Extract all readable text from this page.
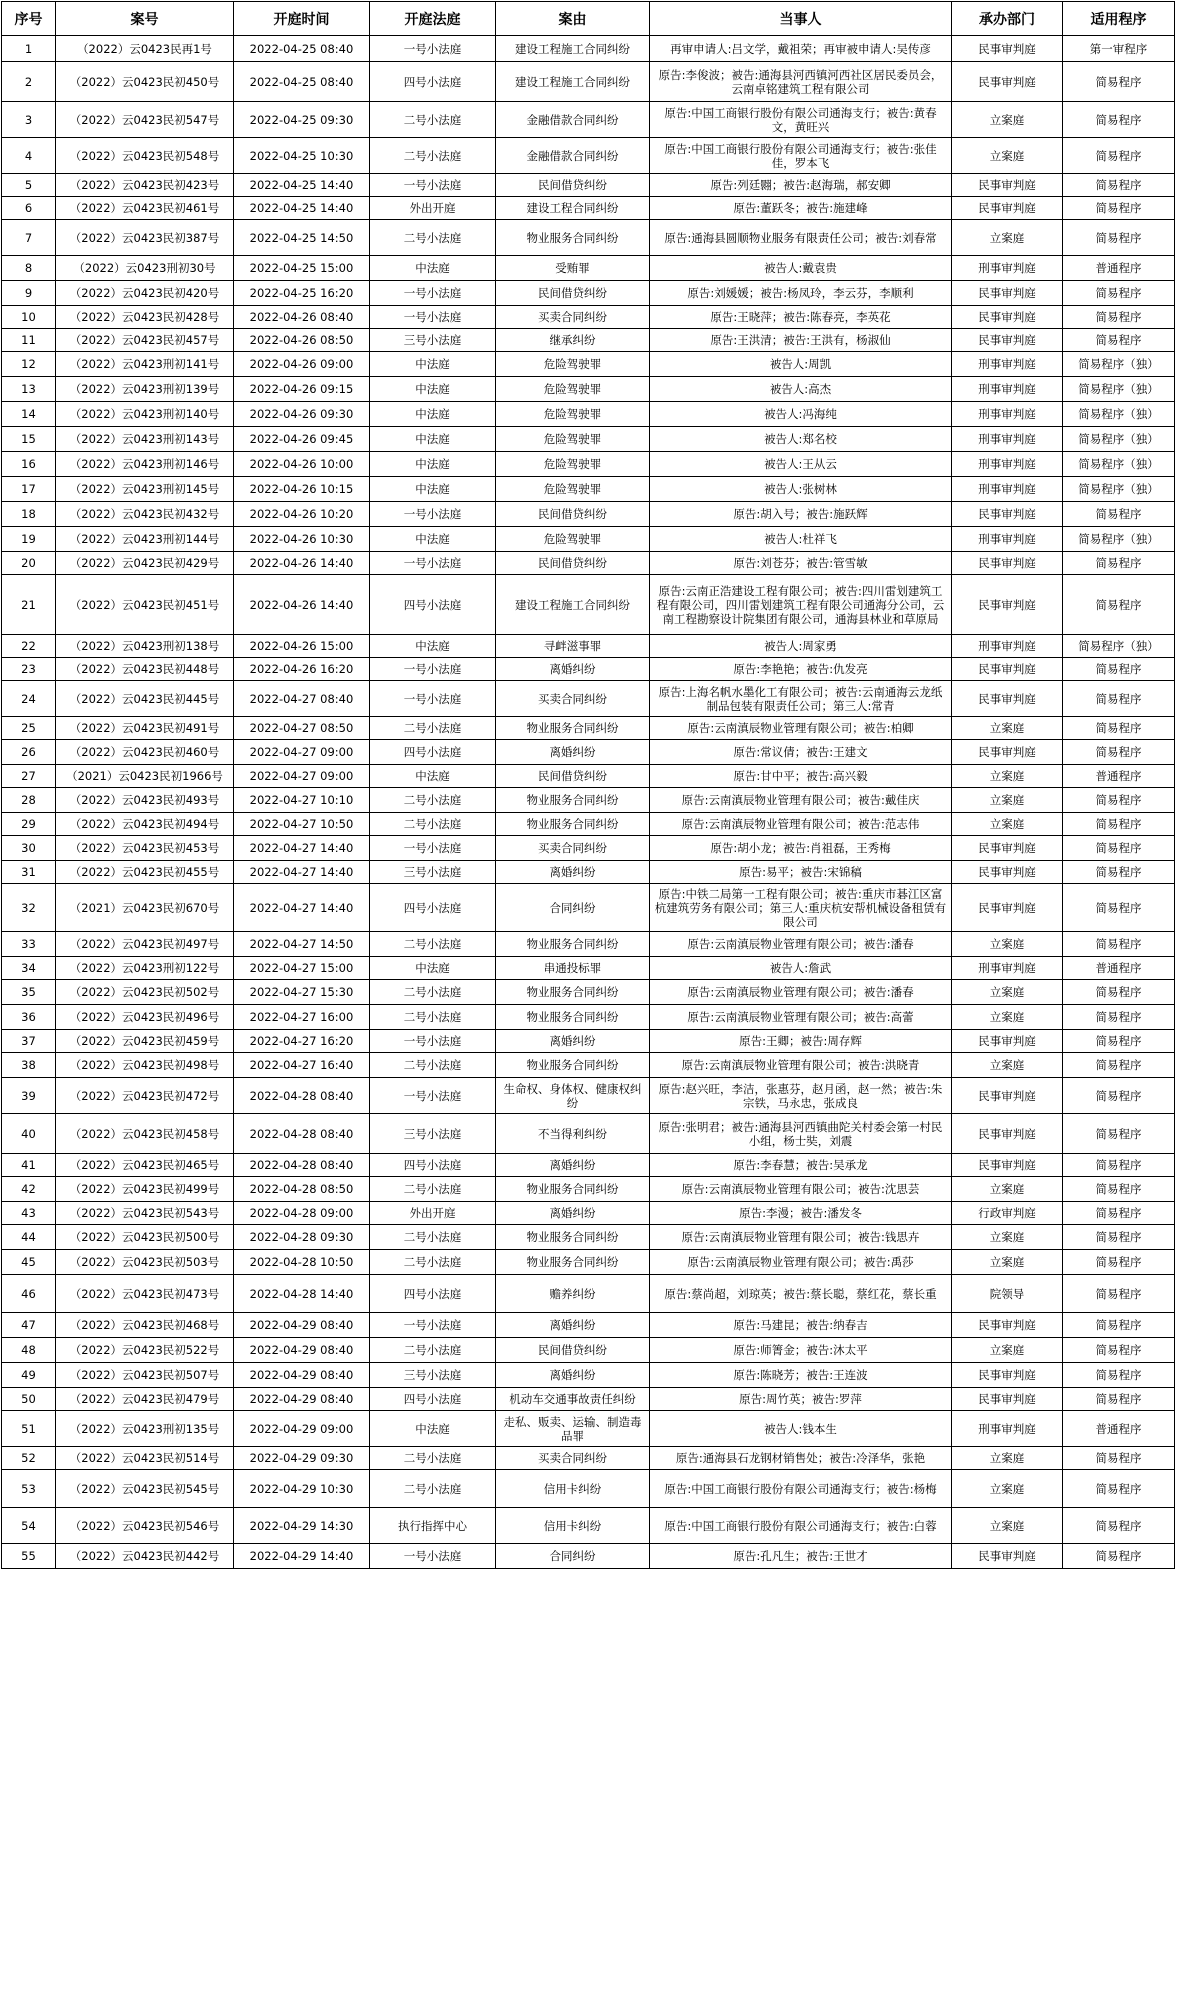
序号	案号	开庭时间	开庭法庭	案由	当事人	承办部门	适用程序
1	（2022）云0423民再1号	2022-04-25 08:40	一号小法庭	建设工程施工合同纠纷	再审申请人:吕文学，戴祖荣；再审被申请人:吴传彦	民事审判庭	第一审程序
2	（2022）云0423民初450号	2022-04-25 08:40	四号小法庭	建设工程施工合同纠纷	原告:李俊波；被告:通海县河西镇河西社区居民委员会，云南卓铭建筑工程有限公司	民事审判庭	简易程序
3	（2022）云0423民初547号	2022-04-25 09:30	二号小法庭	金融借款合同纠纷	原告:中国工商银行股份有限公司通海支行；被告:黄春文，黄旺兴	立案庭	简易程序
4	（2022）云0423民初548号	2022-04-25 10:30	二号小法庭	金融借款合同纠纷	原告:中国工商银行股份有限公司通海支行；被告:张佳佳，罗本飞	立案庭	简易程序
5	（2022）云0423民初423号	2022-04-25 14:40	一号小法庭	民间借贷纠纷	原告:列廷翾；被告:赵海瑞，郝安卿	民事审判庭	简易程序
6	（2022）云0423民初461号	2022-04-25 14:40	外出开庭	建设工程合同纠纷	原告:董跃冬；被告:施建峰	民事审判庭	简易程序
7	（2022）云0423民初387号	2022-04-25 14:50	二号小法庭	物业服务合同纠纷	原告:通海县圆顺物业服务有限责任公司；被告:刘春常	立案庭	简易程序
8	（2022）云0423刑初30号	2022-04-25 15:00	中法庭	受贿罪	被告人:戴袁贵	刑事审判庭	普通程序
9	（2022）云0423民初420号	2022-04-25 16:20	一号小法庭	民间借贷纠纷	原告:刘媛媛；被告:杨凤玲，李云芬，李顺利	民事审判庭	简易程序
10	（2022）云0423民初428号	2022-04-26 08:40	一号小法庭	买卖合同纠纷	原告:王晓萍；被告:陈春亮，李英花	民事审判庭	简易程序
11	（2022）云0423民初457号	2022-04-26 08:50	三号小法庭	继承纠纷	原告:王洪清；被告:王洪有，杨淑仙	民事审判庭	简易程序
12	（2022）云0423刑初141号	2022-04-26 09:00	中法庭	危险驾驶罪	被告人:周凯	刑事审判庭	简易程序（独）
13	（2022）云0423刑初139号	2022-04-26 09:15	中法庭	危险驾驶罪	被告人:高杰	刑事审判庭	简易程序（独）
14	（2022）云0423刑初140号	2022-04-26 09:30	中法庭	危险驾驶罪	被告人:冯海纯	刑事审判庭	简易程序（独）
15	（2022）云0423刑初143号	2022-04-26 09:45	中法庭	危险驾驶罪	被告人:郑名校	刑事审判庭	简易程序（独）
16	（2022）云0423刑初146号	2022-04-26 10:00	中法庭	危险驾驶罪	被告人:王从云	刑事审判庭	简易程序（独）
17	（2022）云0423刑初145号	2022-04-26 10:15	中法庭	危险驾驶罪	被告人:张树林	刑事审判庭	简易程序（独）
18	（2022）云0423民初432号	2022-04-26 10:20	一号小法庭	民间借贷纠纷	原告:胡入号；被告:施跃辉	民事审判庭	简易程序
19	（2022）云0423刑初144号	2022-04-26 10:30	中法庭	危险驾驶罪	被告人:杜祥飞	刑事审判庭	简易程序（独）
20	（2022）云0423民初429号	2022-04-26 14:40	一号小法庭	民间借贷纠纷	原告:刘苍芬；被告:管雪敏	民事审判庭	简易程序
21	（2022）云0423民初451号	2022-04-26 14:40	四号小法庭	建设工程施工合同纠纷	原告:云南正浩建设工程有限公司；被告:四川雷划建筑工程有限公司，四川雷划建筑工程有限公司通海分公司，云南工程勘察设计院集团有限公司，通海县林业和草原局	民事审判庭	简易程序
22	（2022）云0423刑初138号	2022-04-26 15:00	中法庭	寻衅滋事罪	被告人:周家勇	刑事审判庭	简易程序（独）
23	（2022）云0423民初448号	2022-04-26 16:20	一号小法庭	离婚纠纷	原告:李艳艳；被告:仇发亮	民事审判庭	简易程序
24	（2022）云0423民初445号	2022-04-27 08:40	一号小法庭	买卖合同纠纷	原告:上海名帆水墨化工有限公司；被告:云南通海云龙纸制品包装有限责任公司；第三人:常青	民事审判庭	简易程序
25	（2022）云0423民初491号	2022-04-27 08:50	二号小法庭	物业服务合同纠纷	原告:云南滇辰物业管理有限公司；被告:柏卿	立案庭	简易程序
26	（2022）云0423民初460号	2022-04-27 09:00	四号小法庭	离婚纠纷	原告:常议倩；被告:王建文	民事审判庭	简易程序
27	（2021）云0423民初1966号	2022-04-27 09:00	中法庭	民间借贷纠纷	原告:甘中平；被告:高兴毅	立案庭	普通程序
28	（2022）云0423民初493号	2022-04-27 10:10	二号小法庭	物业服务合同纠纷	原告:云南滇辰物业管理有限公司；被告:戴佳庆	立案庭	简易程序
29	（2022）云0423民初494号	2022-04-27 10:50	二号小法庭	物业服务合同纠纷	原告:云南滇辰物业管理有限公司；被告:范志伟	立案庭	简易程序
30	（2022）云0423民初453号	2022-04-27 14:40	一号小法庭	买卖合同纠纷	原告:胡小龙；被告:肖祖磊，王秀梅	民事审判庭	简易程序
31	（2022）云0423民初455号	2022-04-27 14:40	三号小法庭	离婚纠纷	原告:易平；被告:宋锦稿	民事审判庭	简易程序
32	（2021）云0423民初670号	2022-04-27 14:40	四号小法庭	合同纠纷	原告:中铁二局第一工程有限公司；被告:重庆市碁江区富杭建筑劳务有限公司；第三人:重庆杭安帮机械设备租赁有限公司	民事审判庭	简易程序
33	（2022）云0423民初497号	2022-04-27 14:50	二号小法庭	物业服务合同纠纷	原告:云南滇辰物业管理有限公司；被告:潘春	立案庭	简易程序
34	（2022）云0423刑初122号	2022-04-27 15:00	中法庭	串通投标罪	被告人:詹武	刑事审判庭	普通程序
35	（2022）云0423民初502号	2022-04-27 15:30	二号小法庭	物业服务合同纠纷	原告:云南滇辰物业管理有限公司；被告:潘春	立案庭	简易程序
36	（2022）云0423民初496号	2022-04-27 16:00	二号小法庭	物业服务合同纠纷	原告:云南滇辰物业管理有限公司；被告:高蕾	立案庭	简易程序
37	（2022）云0423民初459号	2022-04-27 16:20	一号小法庭	离婚纠纷	原告:王卿；被告:周存辉	民事审判庭	简易程序
38	（2022）云0423民初498号	2022-04-27 16:40	二号小法庭	物业服务合同纠纷	原告:云南滇辰物业管理有限公司；被告:洪晓青	立案庭	简易程序
39	（2022）云0423民初472号	2022-04-28 08:40	一号小法庭	生命权、身体权、健康权纠纷	原告:赵兴旺，李洁，张惠芬，赵月函，赵一然；被告:朱宗铁，马永忠，张成良	民事审判庭	简易程序
40	（2022）云0423民初458号	2022-04-28 08:40	三号小法庭	不当得利纠纷	原告:张明君；被告:通海县河西镇曲陀关村委会第一村民小组，杨士奘，刘震	民事审判庭	简易程序
41	（2022）云0423民初465号	2022-04-28 08:40	四号小法庭	离婚纠纷	原告:李春慧；被告:吴承龙	民事审判庭	简易程序
42	（2022）云0423民初499号	2022-04-28 08:50	二号小法庭	物业服务合同纠纷	原告:云南滇辰物业管理有限公司；被告:沈思芸	立案庭	简易程序
43	（2022）云0423民初543号	2022-04-28 09:00	外出开庭	离婚纠纷	原告:李漫；被告:潘发冬	行政审判庭	简易程序
44	（2022）云0423民初500号	2022-04-28 09:30	二号小法庭	物业服务合同纠纷	原告:云南滇辰物业管理有限公司；被告:钱思卉	立案庭	简易程序
45	（2022）云0423民初503号	2022-04-28 10:50	二号小法庭	物业服务合同纠纷	原告:云南滇辰物业管理有限公司；被告:禹莎	立案庭	简易程序
46	（2022）云0423民初473号	2022-04-28 14:40	四号小法庭	赡养纠纷	原告:蔡尚超，刘琼英；被告:蔡长聪，蔡红花，蔡长重	院领导	简易程序
47	（2022）云0423民初468号	2022-04-29 08:40	一号小法庭	离婚纠纷	原告:马建昆；被告:纳春吉	民事审判庭	简易程序
48	（2022）云0423民初522号	2022-04-29 08:40	二号小法庭	民间借贷纠纷	原告:师箐金；被告:沐太平	立案庭	简易程序
49	（2022）云0423民初507号	2022-04-29 08:40	三号小法庭	离婚纠纷	原告:陈晓芳；被告:王连波	民事审判庭	简易程序
50	（2022）云0423民初479号	2022-04-29 08:40	四号小法庭	机动车交通事故责任纠纷	原告:周竹英；被告:罗萍	民事审判庭	简易程序
51	（2022）云0423刑初135号	2022-04-29 09:00	中法庭	走私、贩卖、运输、制造毒品罪	被告人:钱本生	刑事审判庭	普通程序
52	（2022）云0423民初514号	2022-04-29 09:30	二号小法庭	买卖合同纠纷	原告:通海县石龙钢材销售处；被告:冷泽华，张艳	立案庭	简易程序
53	（2022）云0423民初545号	2022-04-29 10:30	二号小法庭	信用卡纠纷	原告:中国工商银行股份有限公司通海支行；被告:杨梅	立案庭	简易程序
54	（2022）云0423民初546号	2022-04-29 14:30	执行指挥中心	信用卡纠纷	原告:中国工商银行股份有限公司通海支行；被告:白蓉	立案庭	简易程序
55	（2022）云0423民初442号	2022-04-29 14:40	一号小法庭	合同纠纷	原告:孔凡生；被告:王世才	民事审判庭	简易程序
